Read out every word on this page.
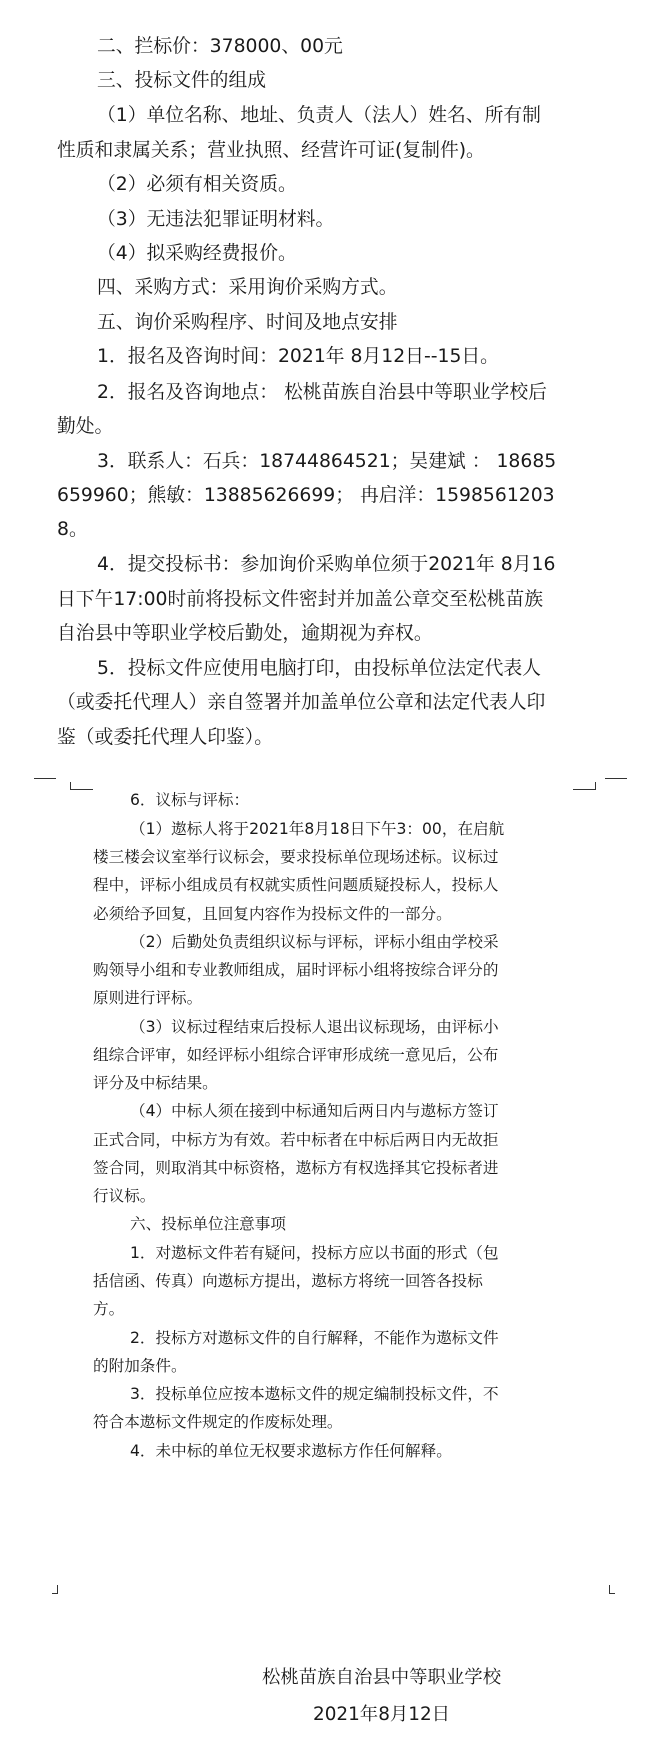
二、拦标价：378000、00元

三、投标文件的组成

（1）单位名称、地址、负责人（法人）姓名、所有制

性质和隶属关系；营业执照、经营许可证(复制件)。

（2）必须有相关资质。

（3）无违法犯罪证明材料。

（4）拟采购经费报价。

四、采购方式：采用询价采购方式。

五、询价采购程序、时间及地点安排

1．报名及咨询时间：2021年 8月12日--15日。

2．报名及咨询地点： 松桃苗族自治县中等职业学校后

勤处。

3．联系人：石兵：18744864521；吴建斌 ： 18685

659960；熊敏：13885626699； 冉启洋：1598561203

8。

4．提交投标书：参加询价采购单位须于2021年 8月16

日下午17:00时前将投标文件密封并加盖公章交至松桃苗族

自治县中等职业学校后勤处，逾期视为弃权。

5．投标文件应使用电脑打印，由投标单位法定代表人

（或委托代理人）亲自签署并加盖单位公章和法定代表人印

鉴（或委托代理人印鉴）。

6．议标与评标：

（1）遨标人将于2021年8月18日下午3：00，在启航

楼三楼会议室举行议标会，要求投标单位现场述标。议标过

程中，评标小组成员有权就实质性问题质疑投标人，投标人

必须给予回复，且回复内容作为投标文件的一部分。

（2）后勤处负责组织议标与评标，评标小组由学校采

购领导小组和专业教师组成，届时评标小组将按综合评分的

原则进行评标。

（3）议标过程结束后投标人退出议标现场，由评标小

组综合评审，如经评标小组综合评审形成统一意见后，公布

评分及中标结果。

（4）中标人须在接到中标通知后两日内与遨标方签订

正式合同，中标方为有效。若中标者在中标后两日内无故拒

签合同，则取消其中标资格，遨标方有权选择其它投标者进

行议标。

六、投标单位注意事项

1．对遨标文件若有疑问，投标方应以书面的形式（包

括信函、传真）向遨标方提出，遨标方将统一回答各投标

方。

2．投标方对遨标文件的自行解释，不能作为遨标文件

的附加条件。

3．投标单位应按本遨标文件的规定编制投标文件，不

符合本遨标文件规定的作废标处理。

4．未中标的单位无权要求遨标方作任何解释。

松桃苗族自治县中等职业学校

2021年8月12日
